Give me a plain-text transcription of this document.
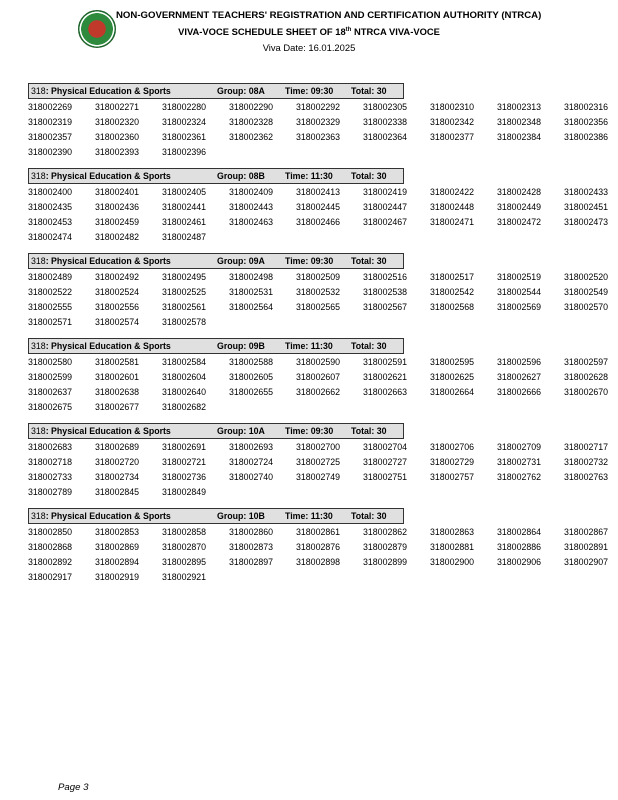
NON-GOVERNMENT TEACHERS' REGISTRATION AND CERTIFICATION AUTHORITY (NTRCA)
VIVA-VOCE SCHEDULE SHEET OF 18th NTRCA VIVA-VOCE
Viva Date: 16.01.2025
318: Physical Education & Sports	Group: 08A Time: 09:30 Total: 30
318002269	318002271	318002280	318002290	318002292	318002305	318002310	318002313	318002316
318002319	318002320	318002324	318002328	318002329	318002338	318002342	318002348	318002356
318002357	318002360	318002361	318002362	318002363	318002364	318002377	318002384	318002386
318002390	318002393	318002396
318: Physical Education & Sports	Group: 08B Time: 11:30 Total: 30
318002400	318002401	318002405	318002409	318002413	318002419	318002422	318002428	318002433
318002435	318002436	318002441	318002443	318002445	318002447	318002448	318002449	318002451
318002453	318002459	318002461	318002463	318002466	318002467	318002471	318002472	318002473
318002474	318002482	318002487
318: Physical Education & Sports	Group: 09A Time: 09:30 Total: 30
318002489	318002492	318002495	318002498	318002509	318002516	318002517	318002519	318002520
318002522	318002524	318002525	318002531	318002532	318002538	318002542	318002544	318002549
318002555	318002556	318002561	318002564	318002565	318002567	318002568	318002569	318002570
318002571	318002574	318002578
318: Physical Education & Sports	Group: 09B Time: 11:30 Total: 30
318002580	318002581	318002584	318002588	318002590	318002591	318002595	318002596	318002597
318002599	318002601	318002604	318002605	318002607	318002621	318002625	318002627	318002628
318002637	318002638	318002640	318002655	318002662	318002663	318002664	318002666	318002670
318002675	318002677	318002682
318: Physical Education & Sports	Group: 10A Time: 09:30 Total: 30
318002683	318002689	318002691	318002693	318002700	318002704	318002706	318002709	318002717
318002718	318002720	318002721	318002724	318002725	318002727	318002729	318002731	318002732
318002733	318002734	318002736	318002740	318002749	318002751	318002757	318002762	318002763
318002789	318002845	318002849
318: Physical Education & Sports	Group: 10B Time: 11:30 Total: 30
318002850	318002853	318002858	318002860	318002861	318002862	318002863	318002864	318002867
318002868	318002869	318002870	318002873	318002876	318002879	318002881	318002886	318002891
318002892	318002894	318002895	318002897	318002898	318002899	318002900	318002906	318002907
318002917	318002919	318002921
Page 3
